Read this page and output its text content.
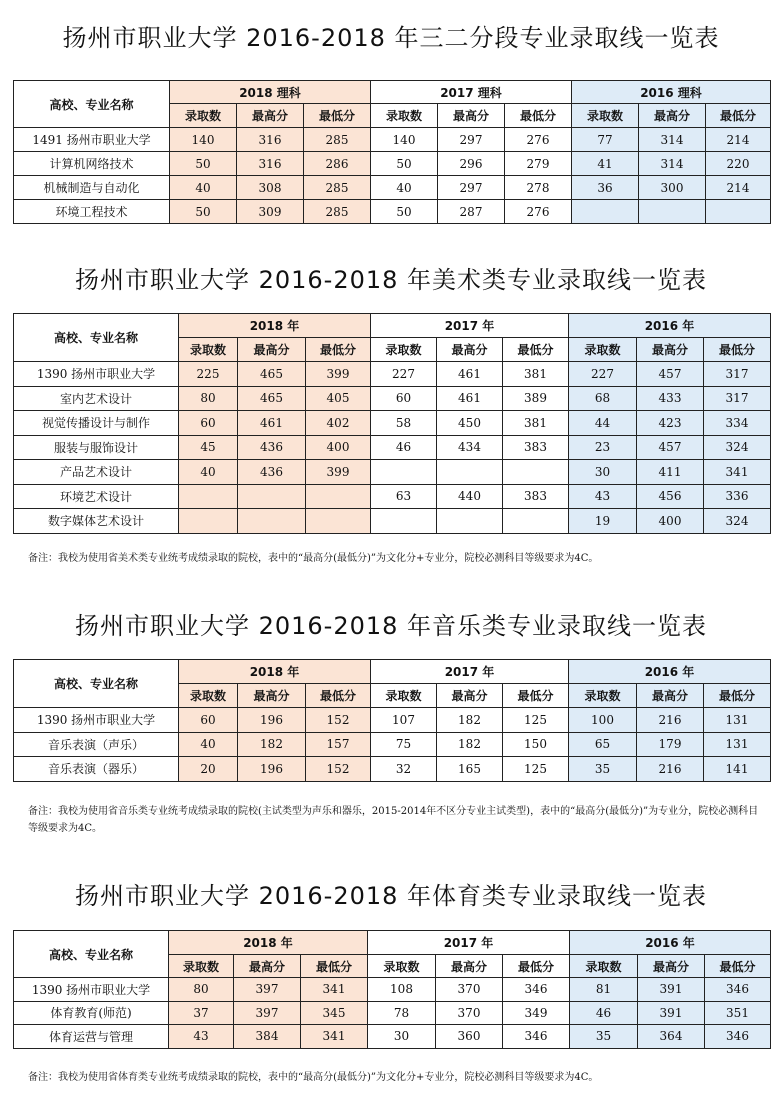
扬州市职业大学 2016-2018 年三二分段专业录取线一览表
高校、专业名称	2018 理科			2017 理科			2016 理科		
	录取数	最高分	最低分	录取数	最高分	最低分	录取数	最高分	最低分
1491 扬州市职业大学	140	316	285	140	297	276	77	314	214
计算机网络技术	50	316	286	50	296	279	41	314	220
机械制造与自动化	40	308	285	40	297	278	36	300	214
环境工程技术	50	309	285	50	287	276			
扬州市职业大学 2016-2018 年美术类专业录取线一览表
高校、专业名称	2018 年			2017 年			2016 年		
	录取数	最高分	最低分	录取数	最高分	最低分	录取数	最高分	最低分
1390 扬州市职业大学	225	465	399	227	461	381	227	457	317
室内艺术设计	80	465	405	60	461	389	68	433	317
视觉传播设计与制作	60	461	402	58	450	381	44	423	334
服装与服饰设计	45	436	400	46	434	383	23	457	324
产品艺术设计	40	436	399				30	411	341
环境艺术设计				63	440	383	43	456	336
数字媒体艺术设计							19	400	324
备注：我校为使用省美术类专业统考成绩录取的院校，表中的“最高分(最低分)”为文化分+专业分，院校必测科目等级要求为4C。
扬州市职业大学 2016-2018 年音乐类专业录取线一览表
高校、专业名称	2018 年			2017 年			2016 年		
	录取数	最高分	最低分	录取数	最高分	最低分	录取数	最高分	最低分
1390 扬州市职业大学	60	196	152	107	182	125	100	216	131
音乐表演（声乐）	40	182	157	75	182	150	65	179	131
音乐表演（器乐）	20	196	152	32	165	125	35	216	141
备注：我校为使用省音乐类专业统考成绩录取的院校(主试类型为声乐和器乐，2015-2014年不区分专业主试类型)，表中的“最高分(最低分)”为专业分，院校必测科目等级要求为4C。
扬州市职业大学 2016-2018 年体育类专业录取线一览表
高校、专业名称	2018 年			2017 年			2016 年		
	录取数	最高分	最低分	录取数	最高分	最低分	录取数	最高分	最低分
1390 扬州市职业大学	80	397	341	108	370	346	81	391	346
体育教育(师范)	37	397	345	78	370	349	46	391	351
体育运营与管理	43	384	341	30	360	346	35	364	346
备注：我校为使用省体育类专业统考成绩录取的院校，表中的“最高分(最低分)”为文化分+专业分，院校必测科目等级要求为4C。
